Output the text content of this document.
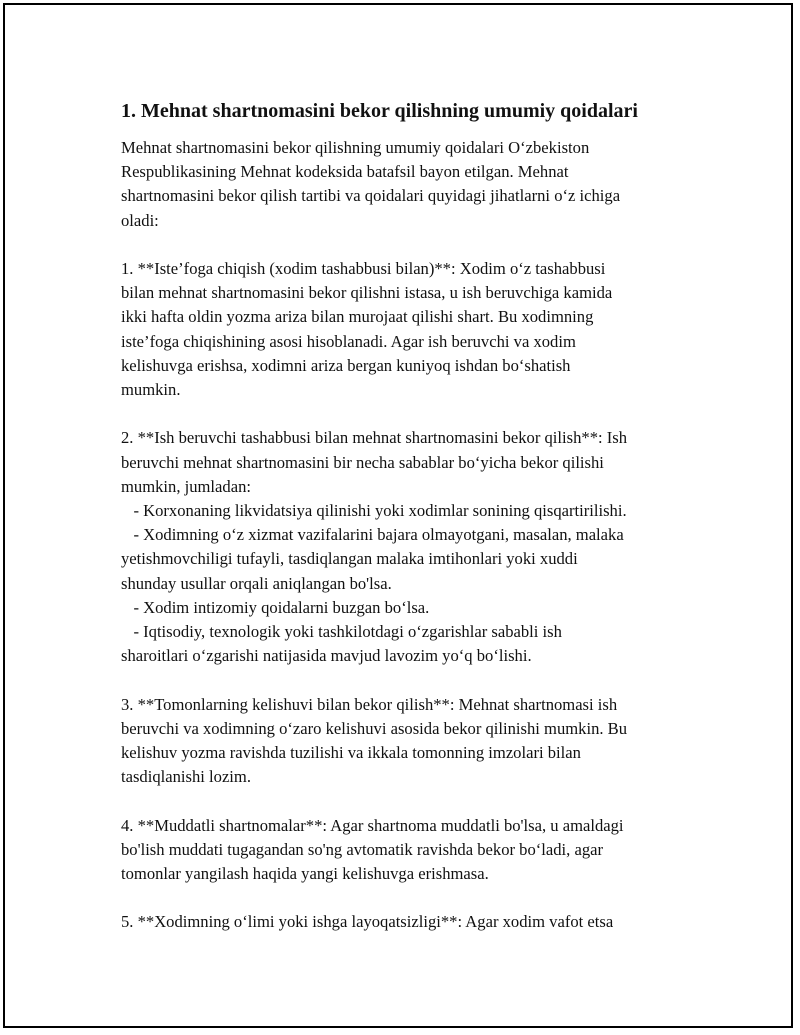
1. Mehnat shartnomasini bekor qilishning umumiy qoidalari
Mehnat shartnomasini bekor qilishning umumiy qoidalari O‘zbekiston
Respublikasining Mehnat kodeksida batafsil bayon etilgan. Mehnat
shartnomasini bekor qilish tartibi va qoidalari quyidagi jihatlarni o‘z ichiga
oladi:
1. **Iste’foga chiqish (xodim tashabbusi bilan)**: Xodim o‘z tashabbusi
bilan mehnat shartnomasini bekor qilishni istasa, u ish beruvchiga kamida
ikki hafta oldin yozma ariza bilan murojaat qilishi shart. Bu xodimning
iste’foga chiqishining asosi hisoblanadi. Agar ish beruvchi va xodim
kelishuvga erishsa, xodimni ariza bergan kuniyoq ishdan bo‘shatish
mumkin.
2. **Ish beruvchi tashabbusi bilan mehnat shartnomasini bekor qilish**: Ish
beruvchi mehnat shartnomasini bir necha sabablar bo‘yicha bekor qilishi
mumkin, jumladan:
- Korxonaning likvidatsiya qilinishi yoki xodimlar sonining qisqartirilishi.
- Xodimning o‘z xizmat vazifalarini bajara olmayotgani, masalan, malaka
yetishmovchiligi tufayli, tasdiqlangan malaka imtihonlari yoki xuddi
shunday usullar orqali aniqlangan bo'lsa.
- Xodim intizomiy qoidalarni buzgan bo‘lsa.
- Iqtisodiy, texnologik yoki tashkilotdagi o‘zgarishlar sababli ish
sharoitlari o‘zgarishi natijasida mavjud lavozim yo‘q bo‘lishi.
3. **Tomonlarning kelishuvi bilan bekor qilish**: Mehnat shartnomasi ish
beruvchi va xodimning o‘zaro kelishuvi asosida bekor qilinishi mumkin. Bu
kelishuv yozma ravishda tuzilishi va ikkala tomonning imzolari bilan
tasdiqlanishi lozim.
4. **Muddatli shartnomalar**: Agar shartnoma muddatli bo'lsa, u amaldagi
bo'lish muddati tugagandan so'ng avtomatik ravishda bekor bo‘ladi, agar
tomonlar yangilash haqida yangi kelishuvga erishmasa.
5. **Xodimning o‘limi yoki ishga layoqatsizligi**: Agar xodim vafot etsa
